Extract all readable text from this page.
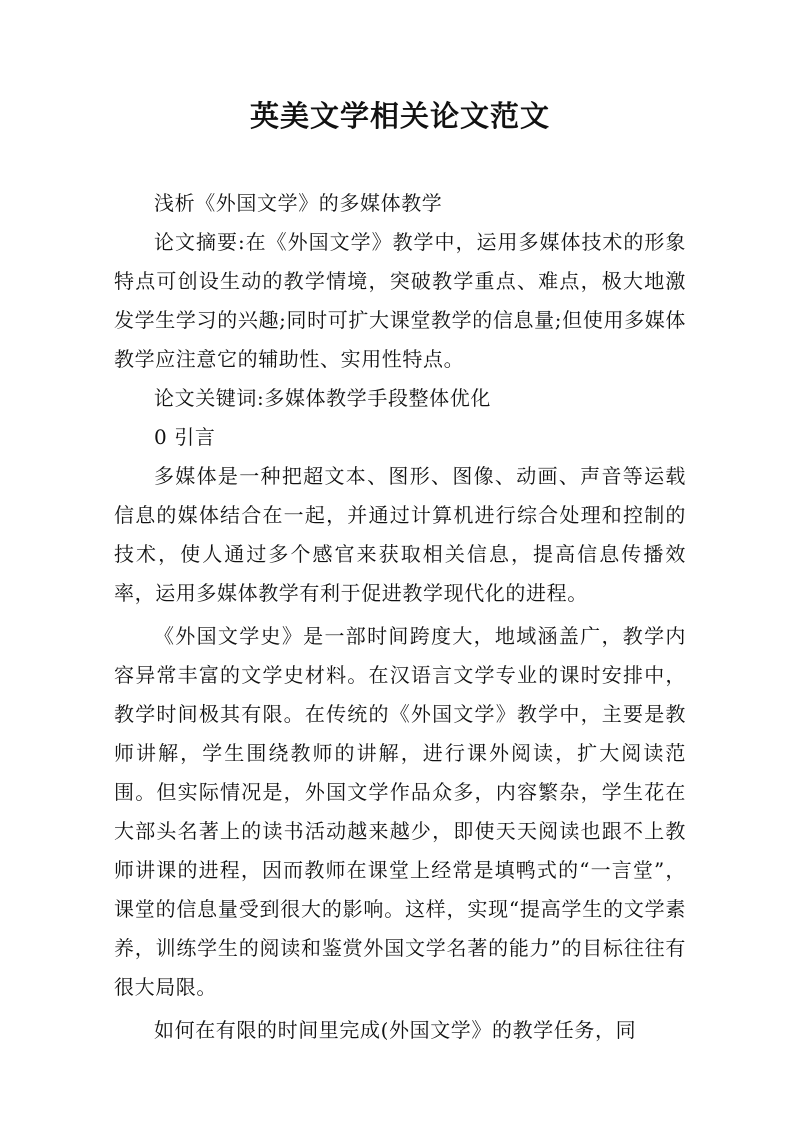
英美文学相关论文范文

浅析《外国文学》的多媒体教学

论文摘要:在《外国文学》教学中，运用多媒体技术的形象特点可创设生动的教学情境，突破教学重点、难点，极大地激发学生学习的兴趣;同时可扩大课堂教学的信息量;但使用多媒体教学应注意它的辅助性、实用性特点。

论文关键词:多媒体教学手段整体优化

0 引言

多媒体是一种把超文本、图形、图像、动画、声音等运载信息的媒体结合在一起，并通过计算机进行综合处理和控制的技术，使人通过多个感官来获取相关信息，提高信息传播效率，运用多媒体教学有利于促进教学现代化的进程。

《外国文学史》是一部时间跨度大，地域涵盖广，教学内容异常丰富的文学史材料。在汉语言文学专业的课时安排中，教学时间极其有限。在传统的《外国文学》教学中，主要是教师讲解，学生围绕教师的讲解，进行课外阅读，扩大阅读范围。但实际情况是，外国文学作品众多，内容繁杂，学生花在大部头名著上的读书活动越来越少，即使天天阅读也跟不上教师讲课的进程，因而教师在课堂上经常是填鸭式的“一言堂”，课堂的信息量受到很大的影响。这样，实现“提高学生的文学素养，训练学生的阅读和鉴赏外国文学名著的能力”的目标往往有很大局限。

如何在有限的时间里完成(外国文学》的教学任务，同
